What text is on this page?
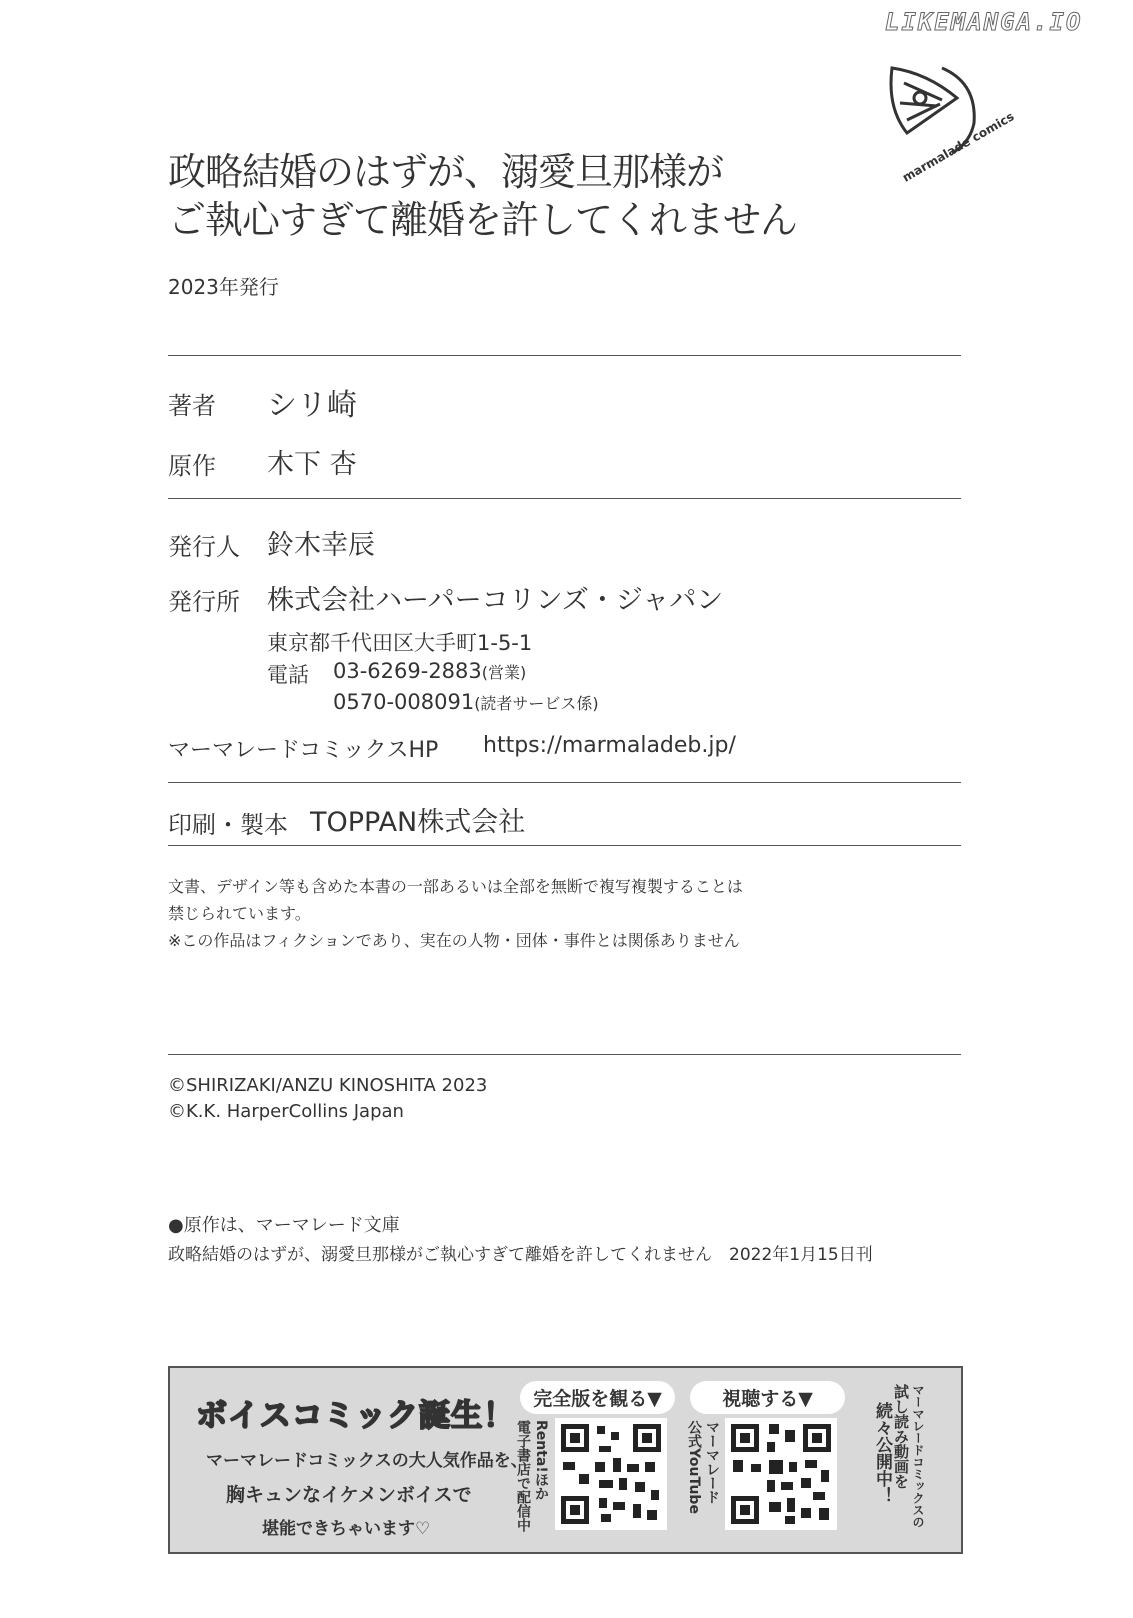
LIKEMANGA.IO
marmalade comics
政略結婚のはずが、溺愛旦那様が
ご執心すぎて離婚を許してくれません
2023年発行
著者 シリ崎
原作 木下 杏
発行人 鈴木幸辰
発行所 株式会社ハーパーコリンズ・ジャパン
東京都千代田区大手町1-5-1
電話 03-6269-2883(営業)
0570-008091(読者サービス係)
マーマレードコミックスHP https://marmaladeb.jp/
印刷・製本 TOPPAN株式会社
文書、デザイン等も含めた本書の一部あるいは全部を無断で複写複製することは
禁じられています。
※この作品はフィクションであり、実在の人物・団体・事件とは関係ありません
©SHIRIZAKI/ANZU KINOSHITA 2023
©K.K. HarperCollins Japan
●原作は、マーマレード文庫
政略結婚のはずが、溺愛旦那様がご執心すぎて離婚を許してくれません　2022年1月15日刊
ボイスコミック誕生！
マーマレードコミックスの大人気作品を、
胸キュンなイケメンボイスで
堪能できちゃいます♡
完全版を観る▼	視聴する▼
Renta!ほか
電子書店で配信中	マーマレード
公式YouTube	マーマレードコミックスの
試し読み動画を
続々公開中！
